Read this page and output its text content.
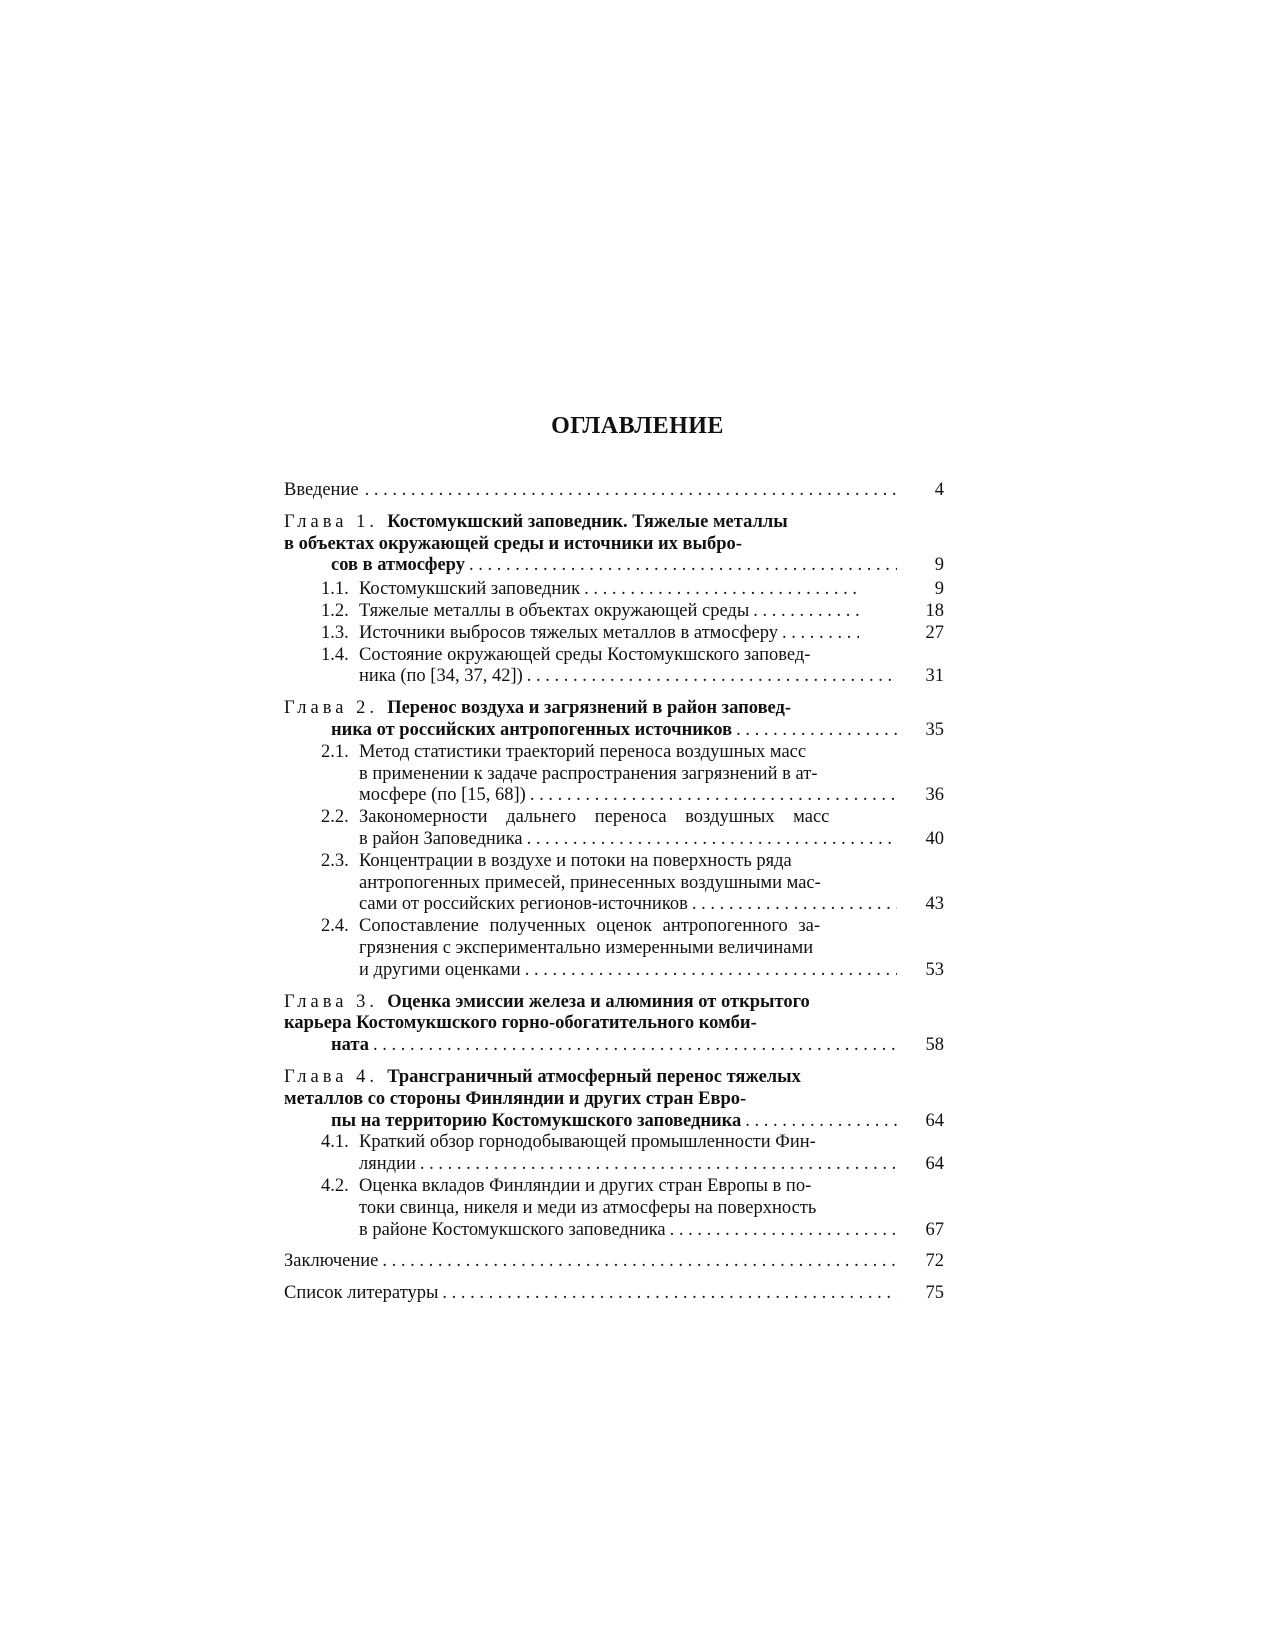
ОГЛАВЛЕНИЕ
Введение . . .	4
Глава 1. Костомукшский заповедник. Тяжелые металлы
в объектах окружающей среды и источники их выбро-
сов в атмосферу . . .	9
1.1. Костомукшский заповедник . . .	9
1.2. Тяжелые металлы в объектах окружающей среды . . .	18
1.3. Источники выбросов тяжелых металлов в атмосферу . . .	27
1.4. Состояние окружающей среды Костомукшского заповед-
ника (по [34, 37, 42]) . . .	31
Глава 2. Перенос воздуха и загрязнений в район заповед-
ника от российских антропогенных источников . . .	35
2.1. Метод статистики траекторий переноса воздушных масс
в применении к задаче распространения загрязнений в ат-
мосфере (по [15, 68]) . . .	36
2.2. Закономерности дальнего переноса воздушных масс
в район Заповедника . . .	40
2.3. Концентрации в воздухе и потоки на поверхность ряда
антропогенных примесей, принесенных воздушными мас-
сами от российских регионов-источников . . .	43
2.4. Сопоставление полученных оценок антропогенного за-
грязнения с экспериментально измеренными величинами
и другими оценками . . .	53
Глава 3. Оценка эмиссии железа и алюминия от открытого
карьера Костомукшского горно-обогатительного комби-
ната . . .	58
Глава 4. Трансграничный атмосферный перенос тяжелых
металлов со стороны Финляндии и других стран Евро-
пы на территорию Костомукшского заповедника . . .	64
4.1. Краткий обзор горнодобывающей промышленности Фин-
ляндии . . .	64
4.2. Оценка вкладов Финляндии и других стран Европы в по-
токи свинца, никеля и меди из атмосферы на поверхность
в районе Костомукшского заповедника . . .	67
Заключение . . .	72
Список литературы . . .	75
